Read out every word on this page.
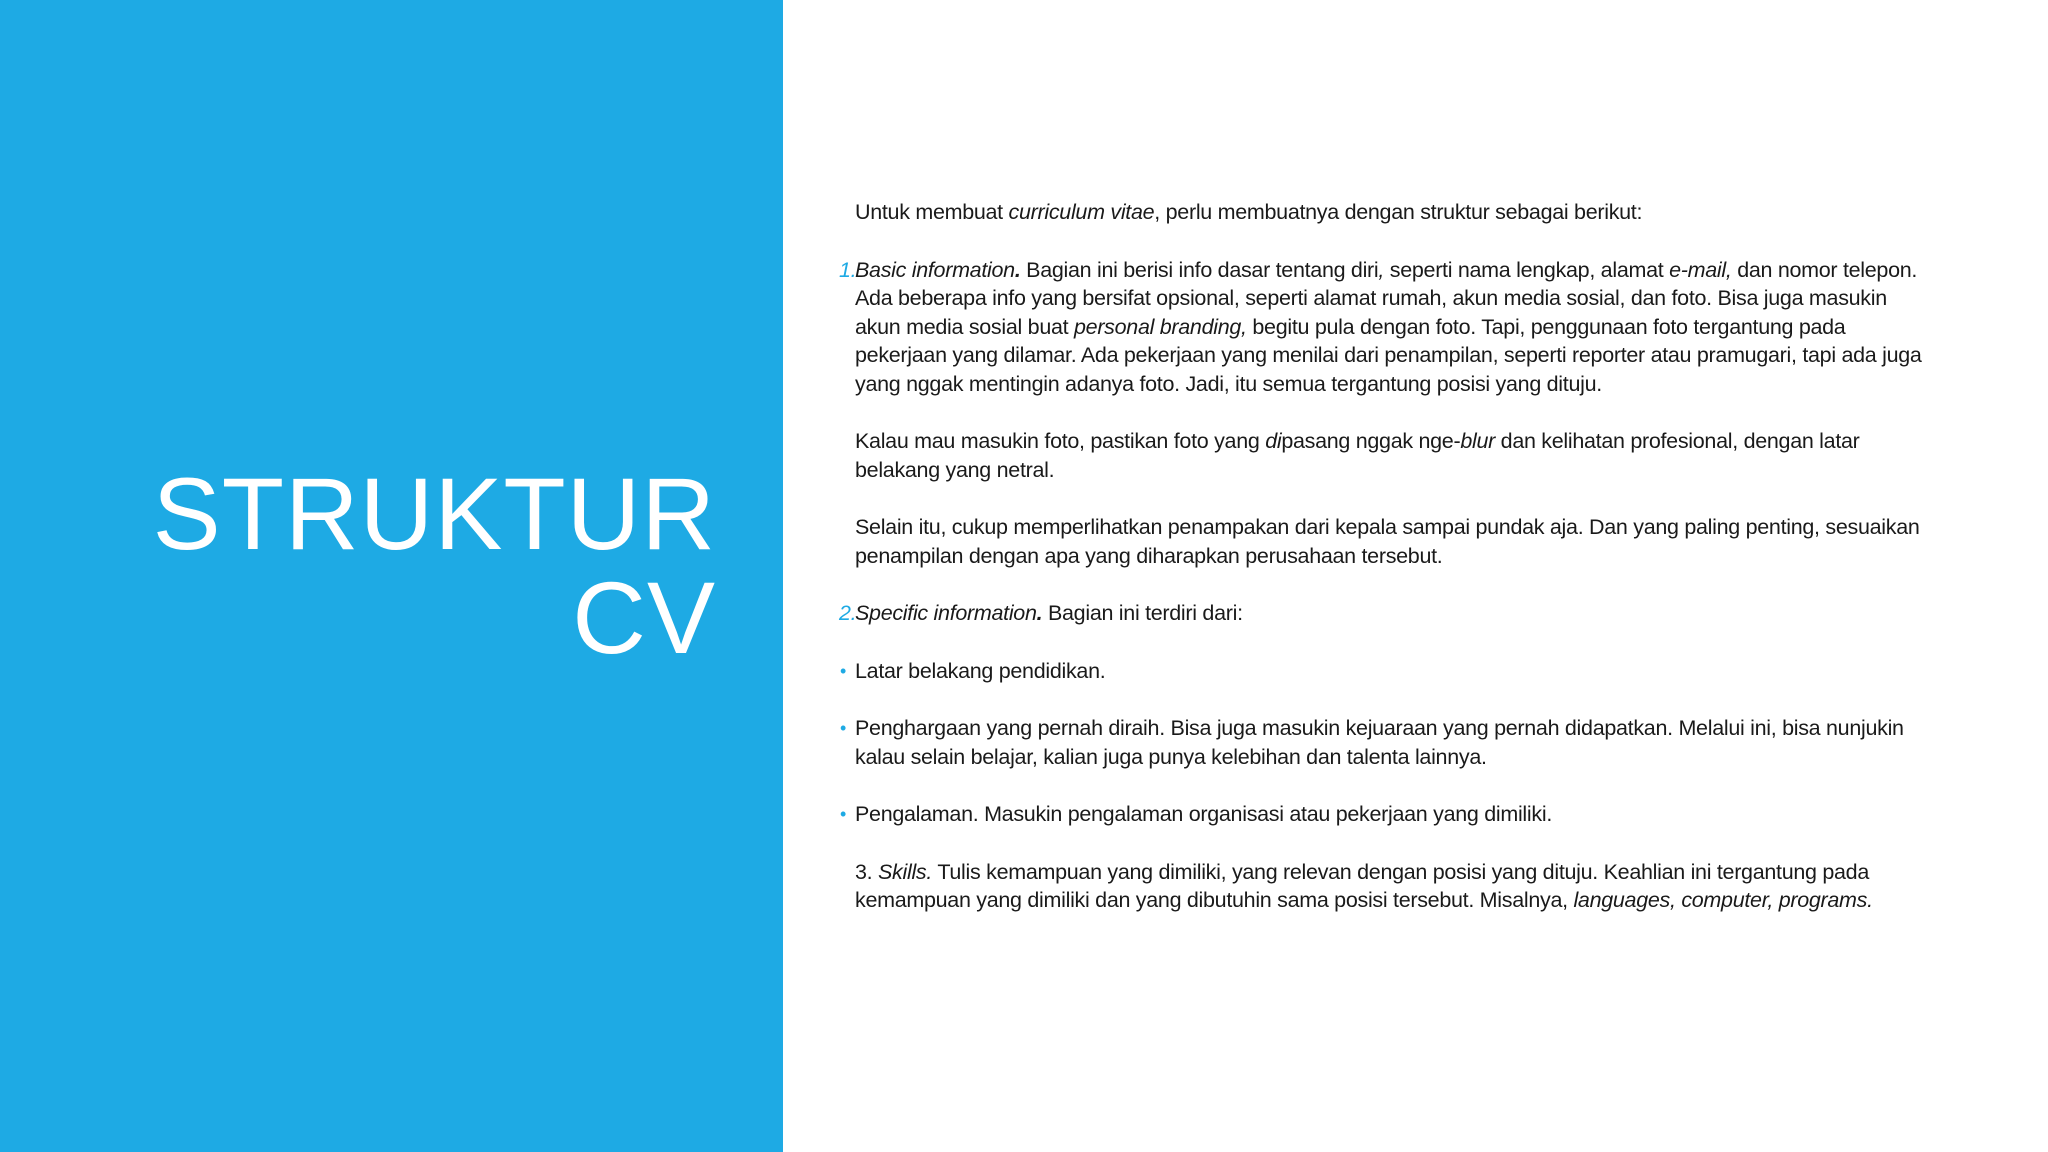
STRUKTUR
CV

Untuk membuat curriculum vitae, perlu membuatnya dengan struktur sebagai berikut:

1.
Basic information. Bagian ini berisi info dasar tentang diri, seperti nama lengkap, alamat e-mail, dan nomor telepon. Ada beberapa info yang bersifat opsional, seperti alamat rumah, akun media sosial, dan foto. Bisa juga masukin akun media sosial buat personal branding, begitu pula dengan foto. Tapi, penggunaan foto tergantung pada pekerjaan yang dilamar. Ada pekerjaan yang menilai dari penampilan, seperti reporter atau pramugari, tapi ada juga yang nggak mentingin adanya foto. Jadi, itu semua tergantung posisi yang dituju.

Kalau mau masukin foto, pastikan foto yang dipasang nggak nge-blur dan kelihatan profesional, dengan latar belakang yang netral.

Selain itu, cukup memperlihatkan penampakan dari kepala sampai pundak aja. Dan yang paling penting, sesuaikan penampilan dengan apa yang diharapkan perusahaan tersebut.

2.
Specific information. Bagian ini terdiri dari:

• Latar belakang pendidikan.

• Penghargaan yang pernah diraih. Bisa juga masukin kejuaraan yang pernah didapatkan. Melalui ini, bisa nunjukin kalau selain belajar, kalian juga punya kelebihan dan talenta lainnya.

• Pengalaman. Masukin pengalaman organisasi atau pekerjaan yang dimiliki.

3. Skills. Tulis kemampuan yang dimiliki, yang relevan dengan posisi yang dituju. Keahlian ini tergantung pada kemampuan yang dimiliki dan yang dibutuhin sama posisi tersebut. Misalnya, languages, computer, programs.
